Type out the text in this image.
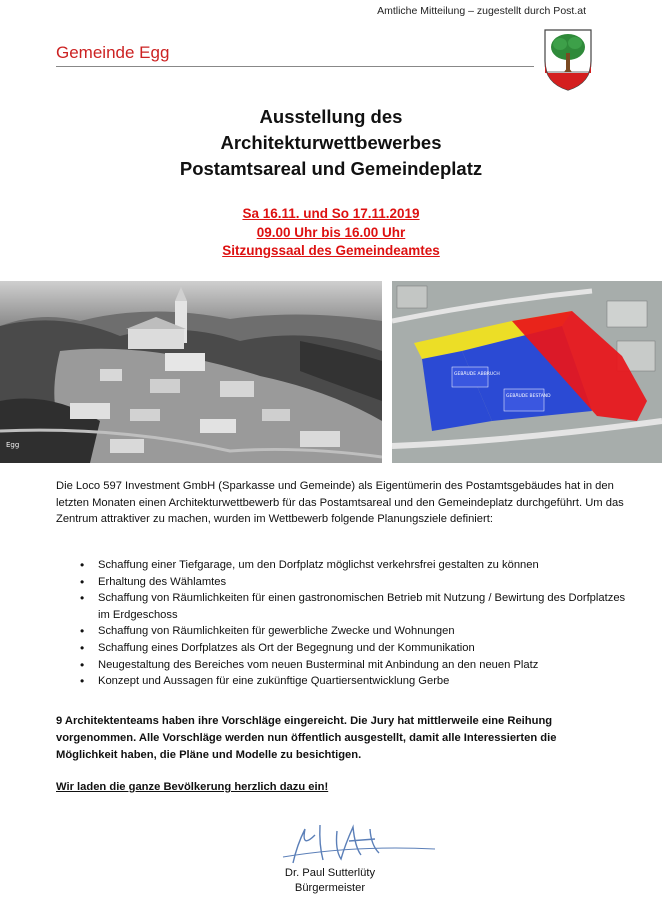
Amtliche Mitteilung – zugestellt durch Post.at
Gemeinde Egg
Ausstellung des
Architekturwettbewerbes
Postamtsareal und Gemeindeplatz
Sa 16.11. und So 17.11.2019
09.00 Uhr bis 16.00 Uhr
Sitzungssaal des Gemeindeamtes
Egg
GEBÄUDE ABBRUCH
GEBÄUDE BESTAND
Die Loco 597 Investment GmbH (Sparkasse und Gemeinde) als Eigentümerin des Postamtsgebäudes hat in den letzten Monaten einen Architekturwettbewerb für das Postamtsareal und den Gemeindeplatz durchgeführt. Um das Zentrum attraktiver zu machen, wurden im Wettbewerb folgende Planungsziele definiert:
• Schaffung einer Tiefgarage, um den Dorfplatz möglichst verkehrsfrei gestalten zu können
• Erhaltung des Wählamtes
• Schaffung von Räumlichkeiten für einen gastronomischen Betrieb mit Nutzung / Bewirtung des Dorfplatzes im Erdgeschoss
• Schaffung von Räumlichkeiten für gewerbliche Zwecke und Wohnungen
• Schaffung eines Dorfplatzes als Ort der Begegnung und der Kommunikation
• Neugestaltung des Bereiches vom neuen Busterminal mit Anbindung an den neuen Platz
• Konzept und Aussagen für eine zukünftige Quartiersentwicklung Gerbe
9 Architektenteams haben ihre Vorschläge eingereicht. Die Jury hat mittlerweile eine Reihung vorgenommen. Alle Vorschläge werden nun öffentlich ausgestellt, damit alle Interessierten die Möglichkeit haben, die Pläne und Modelle zu besichtigen.
Wir laden die ganze Bevölkerung herzlich dazu ein!
Dr. Paul Sutterlüty
Bürgermeister
